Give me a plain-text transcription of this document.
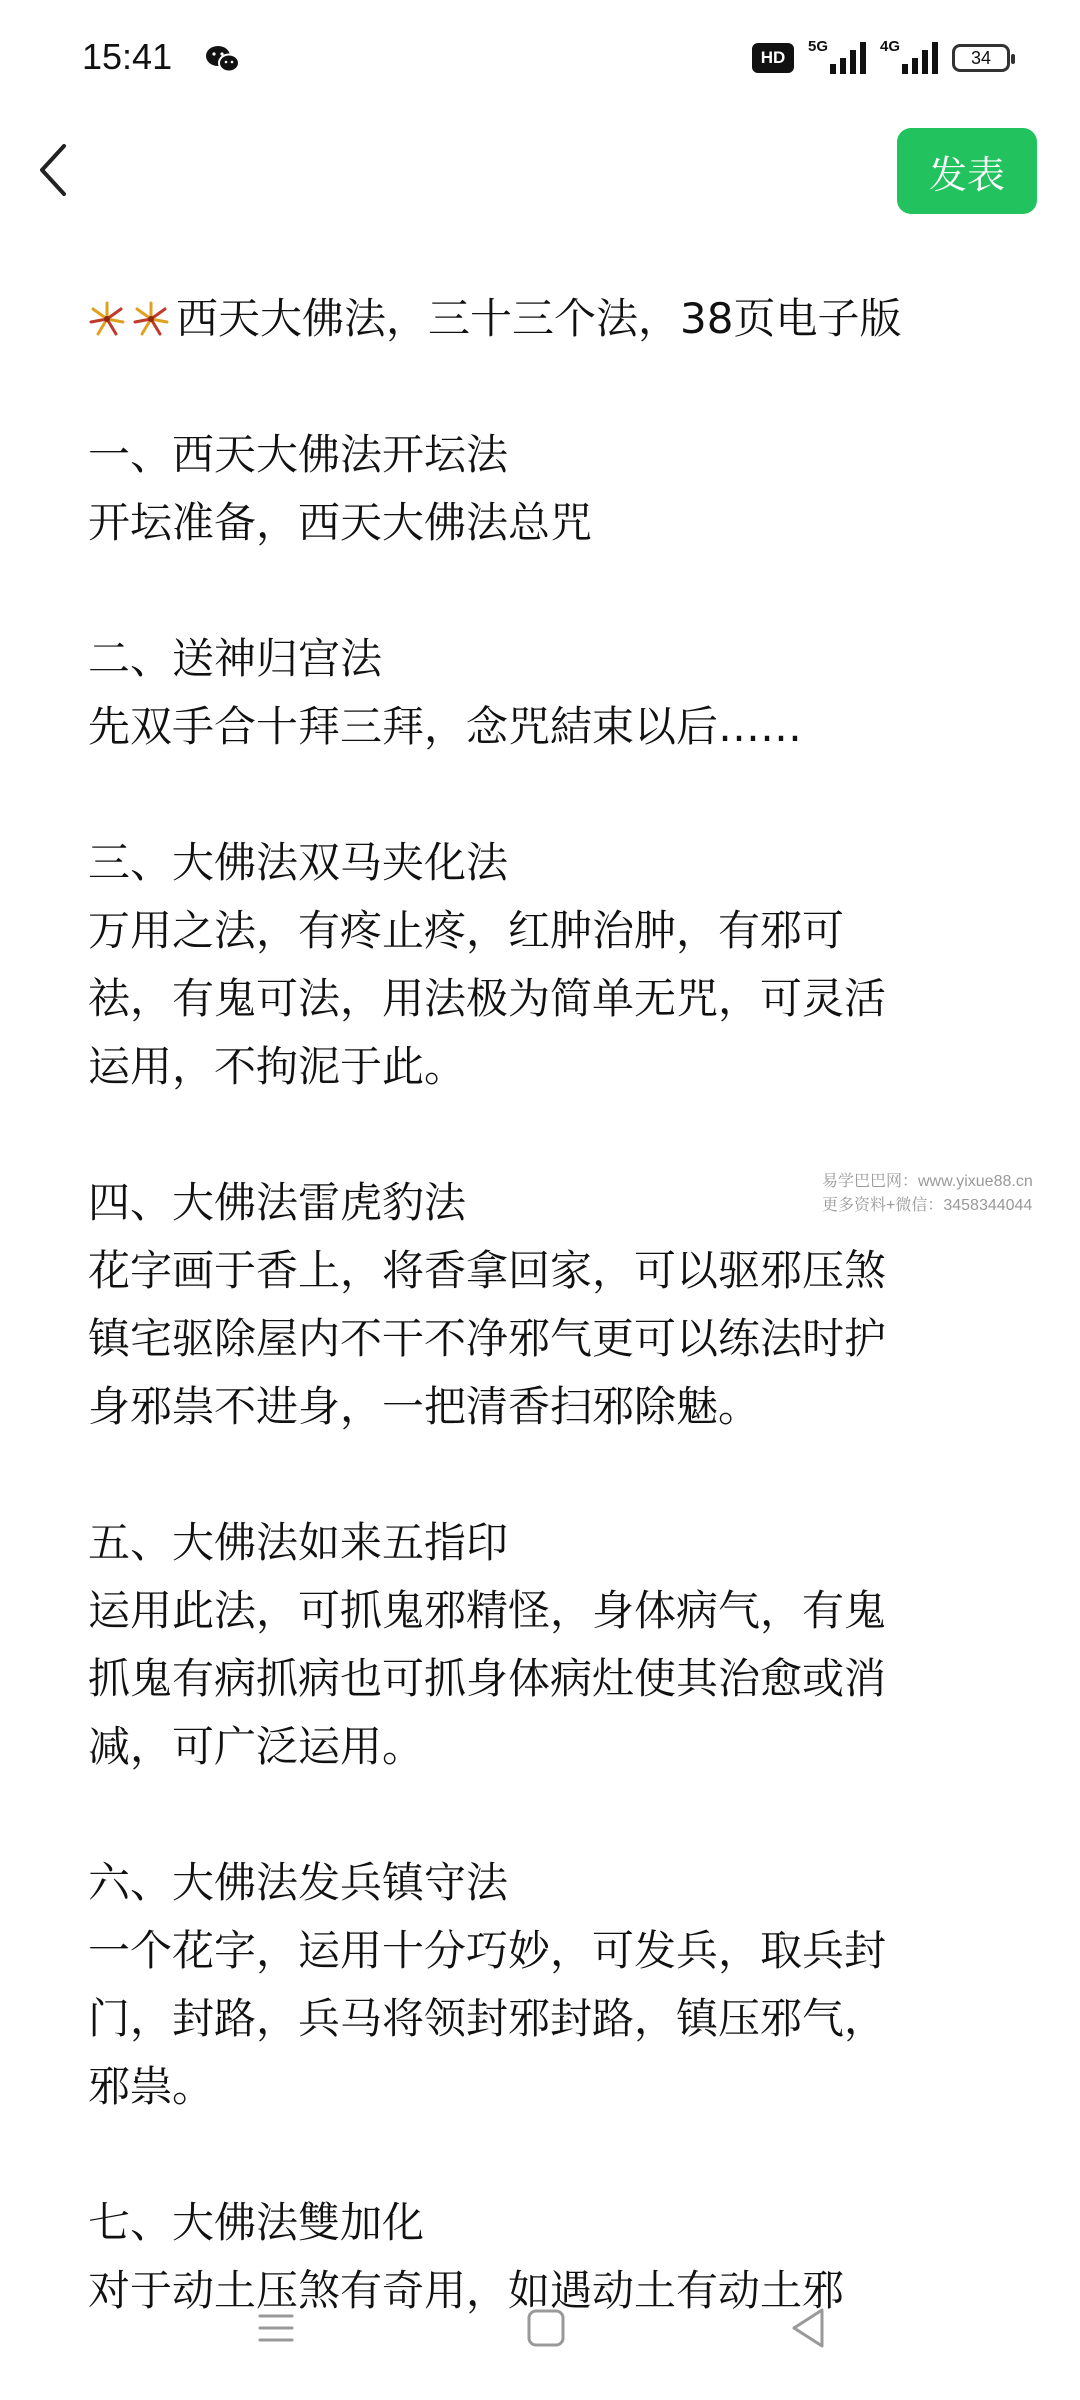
15:41	HD
5G	4G
34
发表
西天大佛法，三十三个法，38页电子版

一、西天大佛法开坛法

开坛准备，西天大佛法总咒

二、送神归宫法

先双手合十拜三拜，念咒結束以后……

三、大佛法双马夹化法

万用之法，有疼止疼，红肿治肿，有邪可

祛，有鬼可法，用法极为简单无咒，可灵活

运用，不拘泥于此。

四、大佛法雷虎豹法

花字画于香上，将香拿回家，可以驱邪压煞

镇宅驱除屋内不干不净邪气更可以练法时护

身邪祟不进身，一把清香扫邪除魅。

五、大佛法如来五指印

运用此法，可抓鬼邪精怪，身体病气，有鬼

抓鬼有病抓病也可抓身体病灶使其治愈或消

减，可广泛运用。

六、大佛法发兵镇守法

一个花字，运用十分巧妙，可发兵，取兵封

门，封路，兵马将领封邪封路，镇压邪气，

邪祟。

七、大佛法雙加化

对于动土压煞有奇用，如遇动土有动土邪

易学巴巴网：www.yixue88.cn
更多资料+微信：3458344044
